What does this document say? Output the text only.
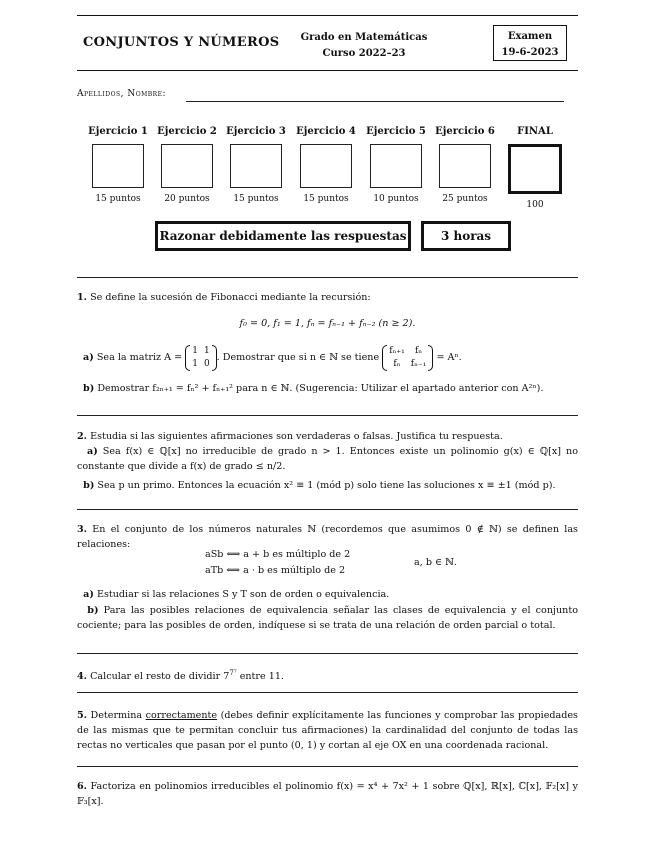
CONJUNTOS Y NÚMEROS	Grado en Matemáticas
Curso 2022–23
Examen
19-6-2023
Apellidos, Nombre:
Ejercicio 1
15 puntos
Ejercicio 2
20 puntos
Ejercicio 3
15 puntos
Ejercicio 4
15 puntos
Ejercicio 5
10 puntos
Ejercicio 6
25 puntos
FINAL
100
Razonar debidamente las respuestas	3 horas
1. Se define la sucesión de Fibonacci mediante la recursión:
f₀ = 0, f₁ = 1, fₙ = fₙ₋₁ + fₙ₋₂ (n ≥ 2).
a) Sea la matriz A =
1	1
1	0
. Demostrar que si n ∈ ℕ se tiene
fₙ₊₁	fₙ
fₙ	fₙ₋₁
= Aⁿ.
b) Demostrar f₂ₙ₊₁ = fₙ² + fₙ₊₁² para n ∈ ℕ. (Sugerencia: Utilizar el apartado anterior con A²ⁿ).
2. Estudia si las siguientes afirmaciones son verdaderas o falsas. Justifica tu respuesta.
a) Sea f(x) ∈ ℚ[x] no irreducible de grado n > 1. Entonces existe un polinomio g(x) ∈ ℚ[x] no constante que divide a f(x) de grado ≤ n/2.
b) Sea p un primo. Entonces la ecuación x² ≡ 1 (mód p) solo tiene las soluciones x ≡ ±1 (mód p).
3. En el conjunto de los números naturales ℕ (recordemos que asumimos 0 ∉ ℕ) se definen las relaciones:
aSb ⟺ a + b es múltiplo de 2
aTb ⟺ a · b es múltiplo de 2
a, b ∈ ℕ.
a) Estudiar si las relaciones S y T son de orden o equivalencia.
b) Para las posibles relaciones de equivalencia señalar las clases de equivalencia y el conjunto cociente; para las posibles de orden, indíquese si se trata de una relación de orden parcial o total.
4. Calcular el resto de dividir $7^{7^7}$ entre 11.
5. Determina correctamente (debes definir explícitamente las funciones y comprobar las propiedades de las mismas que te permitan concluir tus afirmaciones) la cardinalidad del conjunto de todas las rectas no verticales que pasan por el punto (0, 1) y cortan al eje OX en una coordenada racional.
6. Factoriza en polinomios irreducibles el polinomio f(x) = x⁴ + 7x² + 1 sobre ℚ[x], ℝ[x], ℂ[x], 𝔽₂[x] y 𝔽₃[x].
